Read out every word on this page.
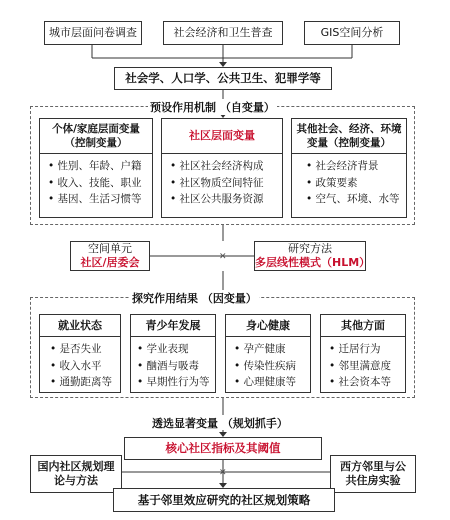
✕
✕
城市层面问卷调查	社会经济和卫生普查	GIS空间分析
社会学、人口学、公共卫生、犯罪学等
预设作用机制 （自变量）
个体/家庭层面变量（控制变量）
• 性别、年龄、户籍
• 收入、技能、职业
• 基因、生活习惯等
社区层面变量
• 社区社会经济构成
• 社区物质空间特征
• 社区公共服务资源
其他社会、经济、环境变量（控制变量）
• 社会经济背景
• 政策要素
• 空气、环境、水等
空间单元
社区/居委会
研究方法
多层线性模式（HLM）
探究作用结果 （因变量）
就业状态
• 是否失业
• 收入水平
• 通勤距离等
青少年发展
• 学业表现
• 酗酒与吸毒
• 早期性行为等
身心健康
• 孕产健康
• 传染性疾病
• 心理健康等
其他方面
• 迁居行为
• 邻里满意度
• 社会资本等
透选显著变量 （规划抓手）
核心社区指标及其阈值
国内社区规划理论与方法
西方邻里与公共住房实验
基于邻里效应研究的社区规划策略
